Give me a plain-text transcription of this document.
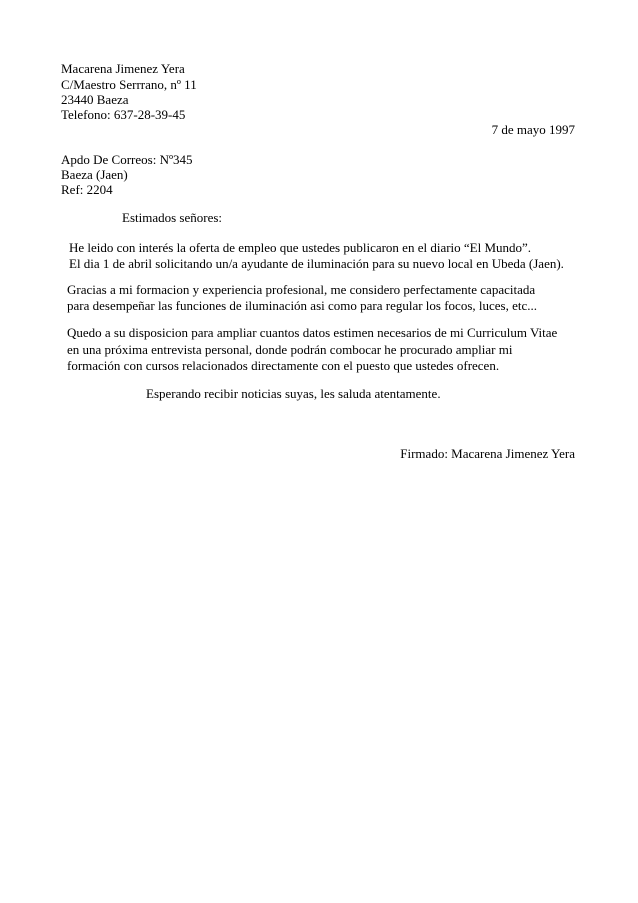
Macarena Jimenez Yera
C/Maestro Serrrano, nº 11
23440 Baeza
Telefono: 637-28-39-45
7 de mayo 1997
Apdo De Correos: Nº345
Baeza (Jaen)
Ref: 2204
Estimados señores:
He leido con interés la oferta de empleo que ustedes publicaron en el diario “El Mundo”.
El dia 1 de abril solicitando un/a ayudante de iluminación para su nuevo local en Ubeda (Jaen).
Gracias a mi formacion y experiencia profesional, me considero perfectamente capacitada
para desempeñar las funciones de iluminación asi como para regular los focos, luces, etc...
Quedo a su disposicion para ampliar cuantos datos estimen necesarios de mi Curriculum Vitae
en una próxima entrevista personal, donde podrán combocar he procurado ampliar mi
formación con cursos relacionados directamente con el puesto que ustedes ofrecen.
Esperando recibir noticias suyas, les saluda atentamente.
Firmado: Macarena Jimenez Yera
